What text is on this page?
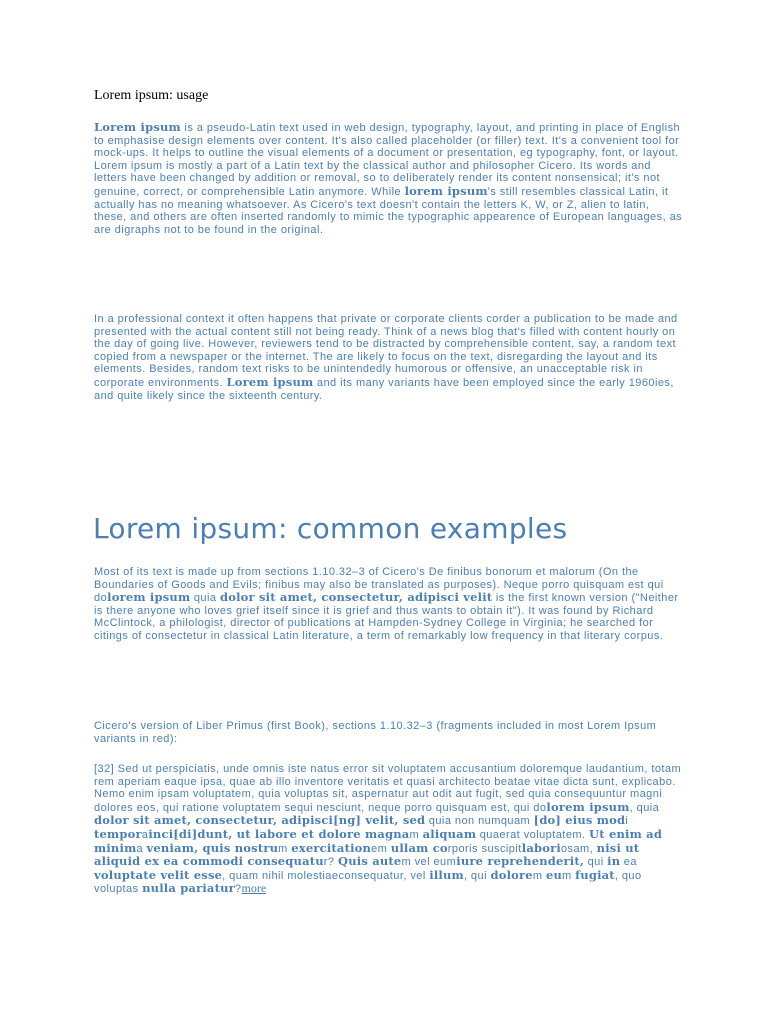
Lorem ipsum: usage

Lorem ipsum is a pseudo-Latin text used in web design, typography, layout, and printing in place of English to emphasise design elements over content. It's also called placeholder (or filler) text. It's a convenient tool for mock-ups. It helps to outline the visual elements of a document or presentation, eg typography, font, or layout. Lorem ipsum is mostly a part of a Latin text by the classical author and philosopher Cicero. Its words and letters have been changed by addition or removal, so to deliberately render its content nonsensical; it's not genuine, correct, or comprehensible Latin anymore. While lorem ipsum's still resembles classical Latin, it actually has no meaning whatsoever. As Cicero's text doesn't contain the letters K, W, or Z, alien to latin, these, and others are often inserted randomly to mimic the typographic appearence of European languages, as are digraphs not to be found in the original.

In a professional context it often happens that private or corporate clients corder a publication to be made and presented with the actual content still not being ready. Think of a news blog that's filled with content hourly on the day of going live. However, reviewers tend to be distracted by comprehensible content, say, a random text copied from a newspaper or the internet. The are likely to focus on the text, disregarding the layout and its elements. Besides, random text risks to be unintendedly humorous or offensive, an unacceptable risk in corporate environments. Lorem ipsum and its many variants have been employed since the early 1960ies, and quite likely since the sixteenth century.

Lorem ipsum: common examples

Most of its text is made up from sections 1.10.32–3 of Cicero's De finibus bonorum et malorum (On the Boundaries of Goods and Evils; finibus may also be translated as purposes). Neque porro quisquam est qui dolorem ipsum quia dolor sit amet, consectetur, adipisci velit is the first known version ("Neither is there anyone who loves grief itself since it is grief and thus wants to obtain it"). It was found by Richard McClintock, a philologist, director of publications at Hampden-Sydney College in Virginia; he searched for citings of consectetur in classical Latin literature, a term of remarkably low frequency in that literary corpus.

Cicero's version of Liber Primus (first Book), sections 1.10.32–3 (fragments included in most Lorem Ipsum variants in red):

[32] Sed ut perspiciatis, unde omnis iste natus error sit voluptatem accusantium doloremque laudantium, totam rem aperiam eaque ipsa, quae ab illo inventore veritatis et quasi architecto beatae vitae dicta sunt, explicabo. Nemo enim ipsam voluptatem, quia voluptas sit, aspernatur aut odit aut fugit, sed quia consequuntur magni dolores eos, qui ratione voluptatem sequi nesciunt, neque porro quisquam est, qui dolorem ipsum, quia dolor sit amet, consectetur, adipisci[ng] velit, sed quia non numquam [do] eius modi temporainci[di]dunt, ut labore et dolore magnam aliquam quaerat voluptatem. Ut enim ad minima veniam, quis nostrum exercitationem ullam corporis suscipitlaboriosam, nisi ut aliquid ex ea commodi consequatur? Quis autem vel eumiure reprehenderit, qui in ea voluptate velit esse, quam nihil molestiaeconsequatur, vel illum, qui dolorem eum fugiat, quo voluptas nulla pariatur?more
